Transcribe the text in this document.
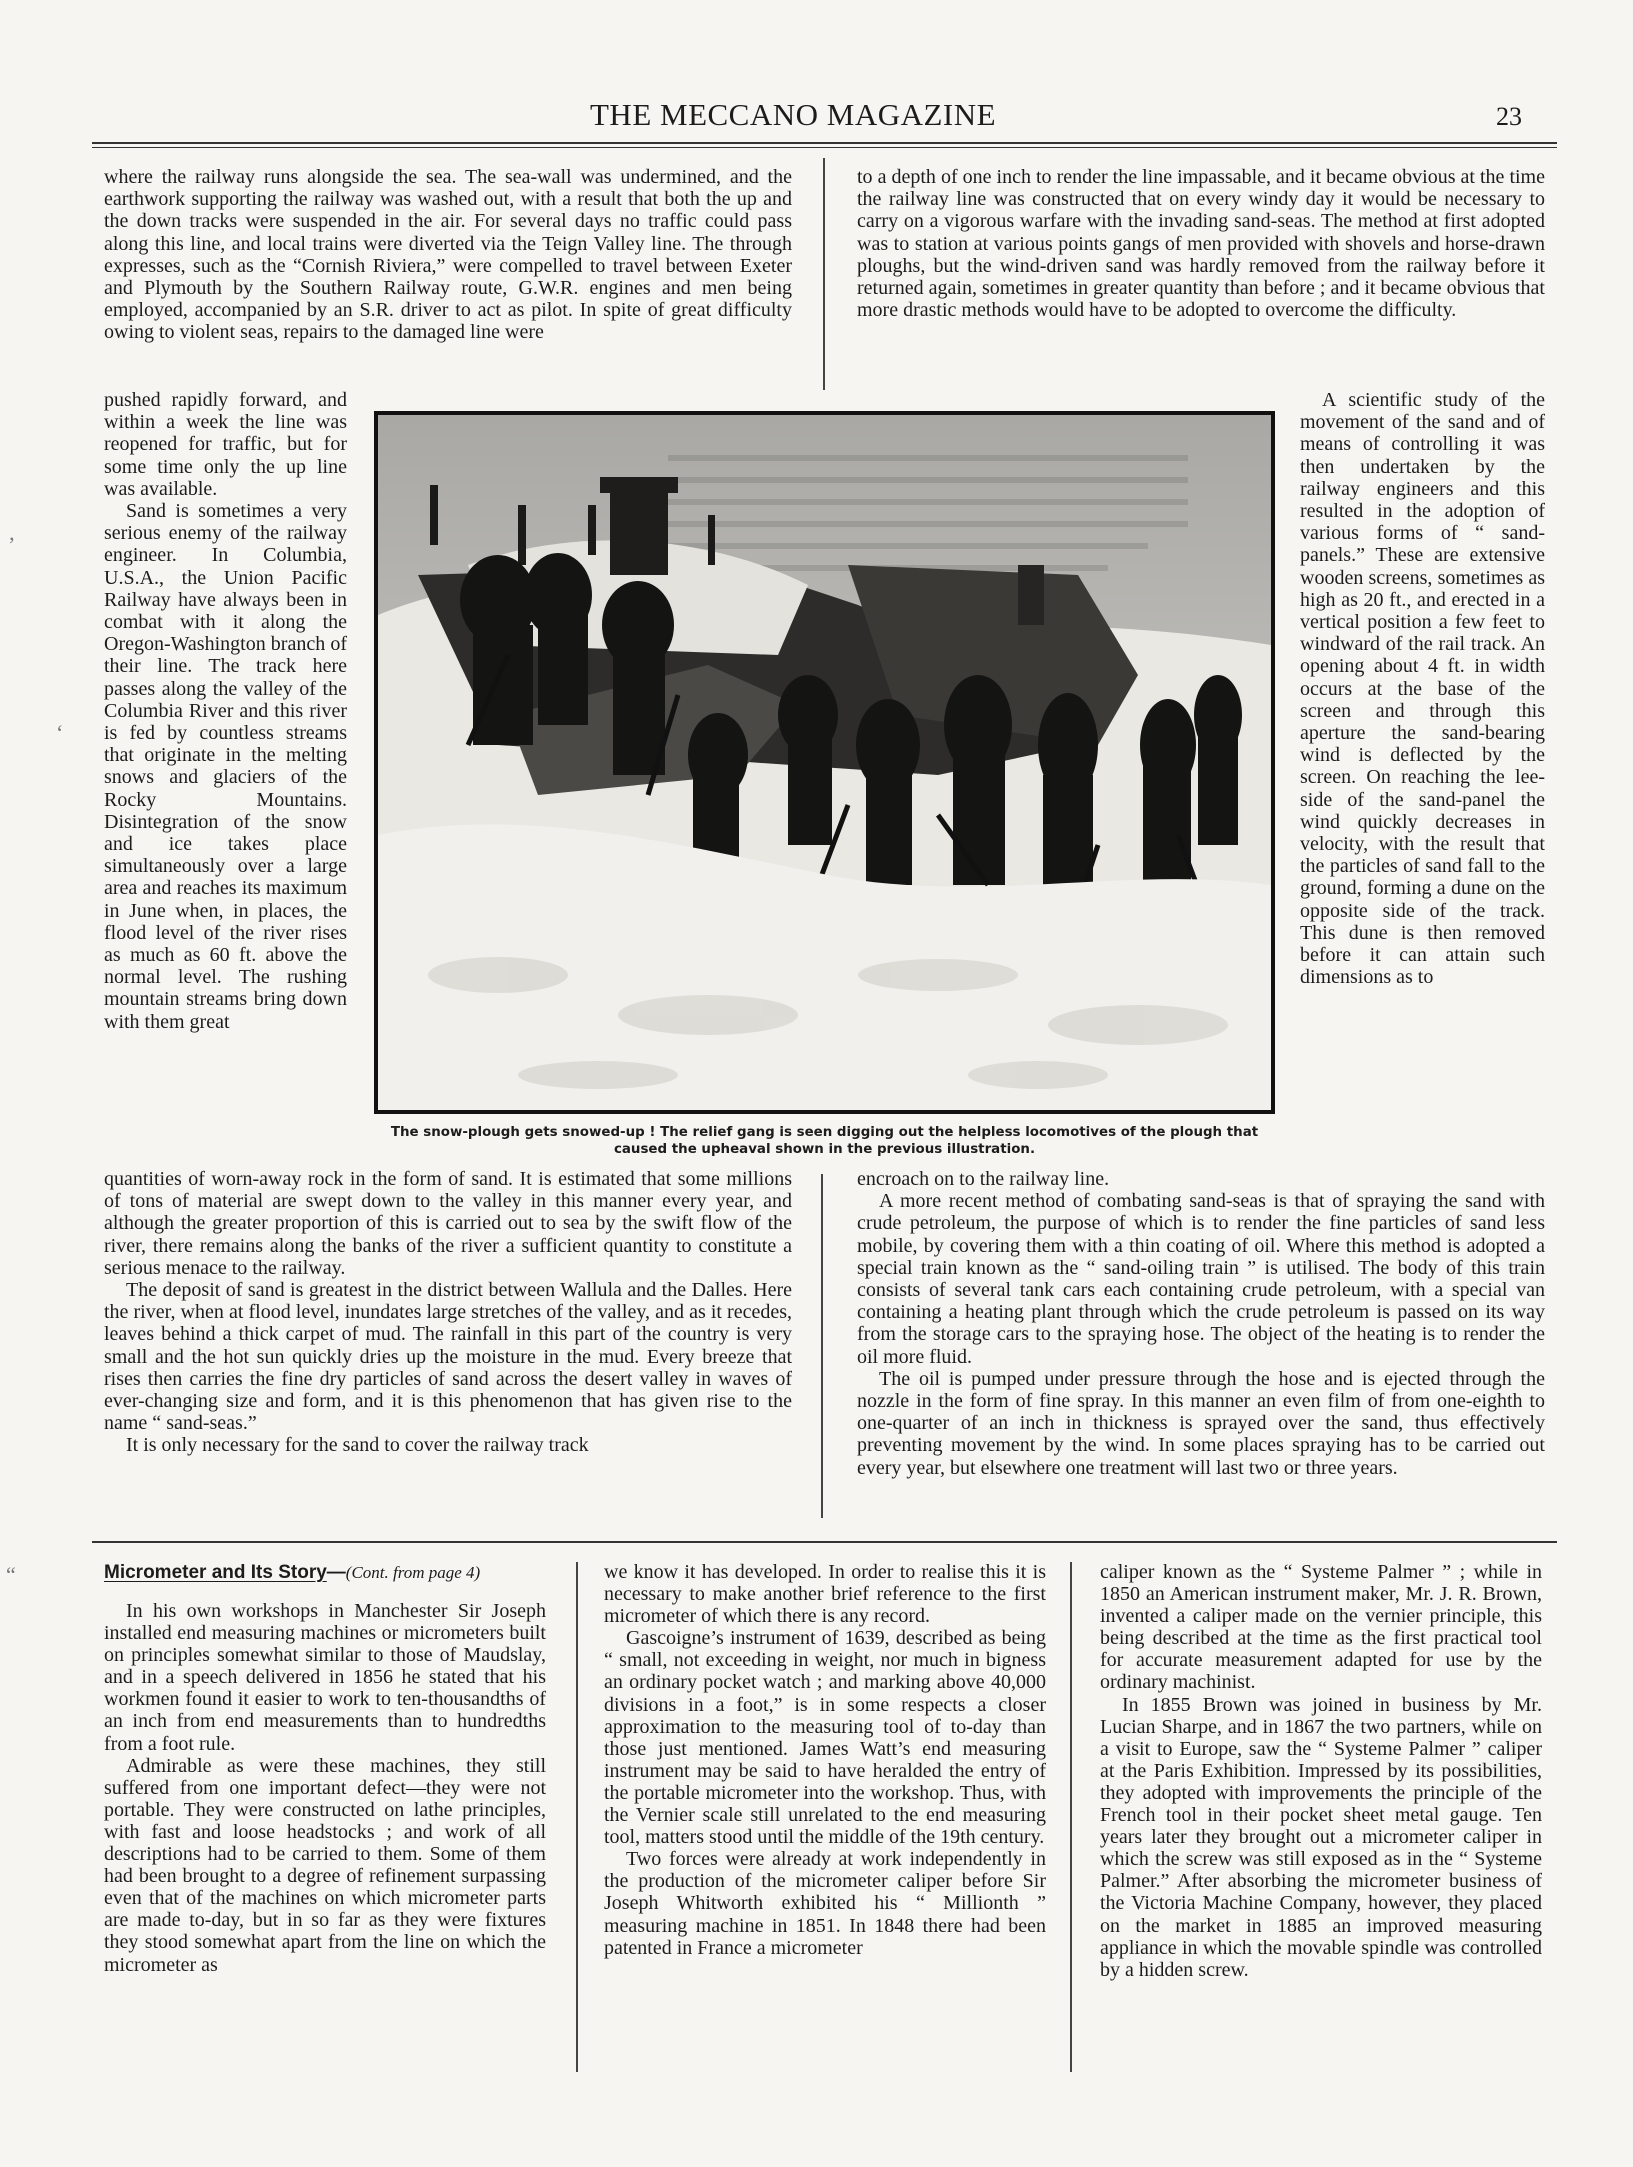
THE MECCANO MAGAZINE	23

where the railway runs alongside the sea. The sea-wall was undermined, and the earthwork supporting the railway was washed out, with a result that both the up and the down tracks were suspended in the air. For several days no traffic could pass along this line, and local trains were diverted via the Teign Valley line. The through expresses, such as the “Cornish Riviera,” were compelled to travel between Exeter and Plymouth by the Southern Railway route, G.W.R. engines and men being employed, accompanied by an S.R. driver to act as pilot. In spite of great difficulty owing to violent seas, repairs to the damaged line were

to a depth of one inch to render the line impassable, and it became obvious at the time the railway line was constructed that on every windy day it would be necessary to carry on a vigorous warfare with the invading sand-seas. The method at first adopted was to station at various points gangs of men provided with shovels and horse-drawn ploughs, but the wind-driven sand was hardly removed from the railway before it returned again, sometimes in greater quantity than before ; and it became obvious that more drastic methods would have to be adopted to overcome the difficulty.

pushed rapidly forward, and within a week the line was reopened for traffic, but for some time only the up line was available.

Sand is sometimes a very serious enemy of the railway engineer. In Columbia, U.S.A., the Union Pacific Railway have always been in combat with it along the Oregon-Washington branch of their line. The track here passes along the valley of the Columbia River and this river is fed by countless streams that originate in the melting snows and glaciers of the Rocky Mountains. Disintegration of the snow and ice takes place simultaneously over a large area and reaches its maximum in June when, in places, the flood level of the river rises as much as 60 ft. above the normal level. The rushing mountain streams bring down with them great

A scientific study of the movement of the sand and of means of controlling it was then undertaken by the railway engineers and this resulted in the adoption of various forms of “ sand-panels.” These are extensive wooden screens, sometimes as high as 20 ft., and erected in a vertical position a few feet to windward of the rail track. An opening about 4 ft. in width occurs at the base of the screen and through this aperture the sand-bearing wind is deflected by the screen. On reaching the lee-side of the sand-panel the wind quickly decreases in velocity, with the result that the particles of sand fall to the ground, forming a dune on the opposite side of the track. This dune is then removed before it can attain such dimensions as to

The snow-plough gets snowed-up ! The relief gang is seen digging out the helpless locomotives of the plough that caused the upheaval shown in the previous illustration.

quantities of worn-away rock in the form of sand. It is estimated that some millions of tons of material are swept down to the valley in this manner every year, and although the greater proportion of this is carried out to sea by the swift flow of the river, there remains along the banks of the river a sufficient quantity to constitute a serious menace to the railway.

The deposit of sand is greatest in the district between Wallula and the Dalles. Here the river, when at flood level, inundates large stretches of the valley, and as it recedes, leaves behind a thick carpet of mud. The rainfall in this part of the country is very small and the hot sun quickly dries up the moisture in the mud. Every breeze that rises then carries the fine dry particles of sand across the desert valley in waves of ever-changing size and form, and it is this phenomenon that has given rise to the name “ sand-seas.”

It is only necessary for the sand to cover the railway track

encroach on to the railway line.

A more recent method of combating sand-seas is that of spraying the sand with crude petroleum, the purpose of which is to render the fine particles of sand less mobile, by covering them with a thin coating of oil. Where this method is adopted a special train known as the “ sand-oiling train ” is utilised. The body of this train consists of several tank cars each containing crude petroleum, with a special van containing a heating plant through which the crude petroleum is passed on its way from the storage cars to the spraying hose. The object of the heating is to render the oil more fluid.

The oil is pumped under pressure through the hose and is ejected through the nozzle in the form of fine spray. In this manner an even film of from one-eighth to one-quarter of an inch in thickness is sprayed over the sand, thus effectively preventing movement by the wind. In some places spraying has to be carried out every year, but elsewhere one treatment will last two or three years.

Micrometer and Its Story—(Cont. from page 4)

In his own workshops in Manchester Sir Joseph installed end measuring machines or micrometers built on principles somewhat similar to those of Maudslay, and in a speech delivered in 1856 he stated that his workmen found it easier to work to ten-thousandths of an inch from end measurements than to hundredths from a foot rule.

Admirable as were these machines, they still suffered from one important defect—they were not portable. They were constructed on lathe principles, with fast and loose headstocks ; and work of all descriptions had to be carried to them. Some of them had been brought to a degree of refinement surpassing even that of the machines on which micrometer parts are made to-day, but in so far as they were fixtures they stood somewhat apart from the line on which the micrometer as

we know it has developed. In order to realise this it is necessary to make another brief reference to the first micrometer of which there is any record.

Gascoigne’s instrument of 1639, described as being “ small, not exceeding in weight, nor much in bigness an ordinary pocket watch ; and marking above 40,000 divisions in a foot,” is in some respects a closer approximation to the measuring tool of to-day than those just mentioned. James Watt’s end measuring instrument may be said to have heralded the entry of the portable micrometer into the workshop. Thus, with the Vernier scale still unrelated to the end measuring tool, matters stood until the middle of the 19th century.

Two forces were already at work independently in the production of the micrometer caliper before Sir Joseph Whitworth exhibited his “ Millionth ” measuring machine in 1851. In 1848 there had been patented in France a micrometer

caliper known as the “ Systeme Palmer ” ; while in 1850 an American instrument maker, Mr. J. R. Brown, invented a caliper made on the vernier principle, this being described at the time as the first practical tool for accurate measurement adapted for use by the ordinary machinist.

In 1855 Brown was joined in business by Mr. Lucian Sharpe, and in 1867 the two partners, while on a visit to Europe, saw the “ Systeme Palmer ” caliper at the Paris Exhibition. Impressed by its possibilities, they adopted with improvements the principle of the French tool in their pocket sheet metal gauge. Ten years later they brought out a micrometer caliper in which the screw was still exposed as in the “ Systeme Palmer.” After absorbing the micrometer business of the Victoria Machine Company, however, they placed on the market in 1885 an improved measuring appliance in which the movable spindle was controlled by a hidden screw.

’
‘
“
